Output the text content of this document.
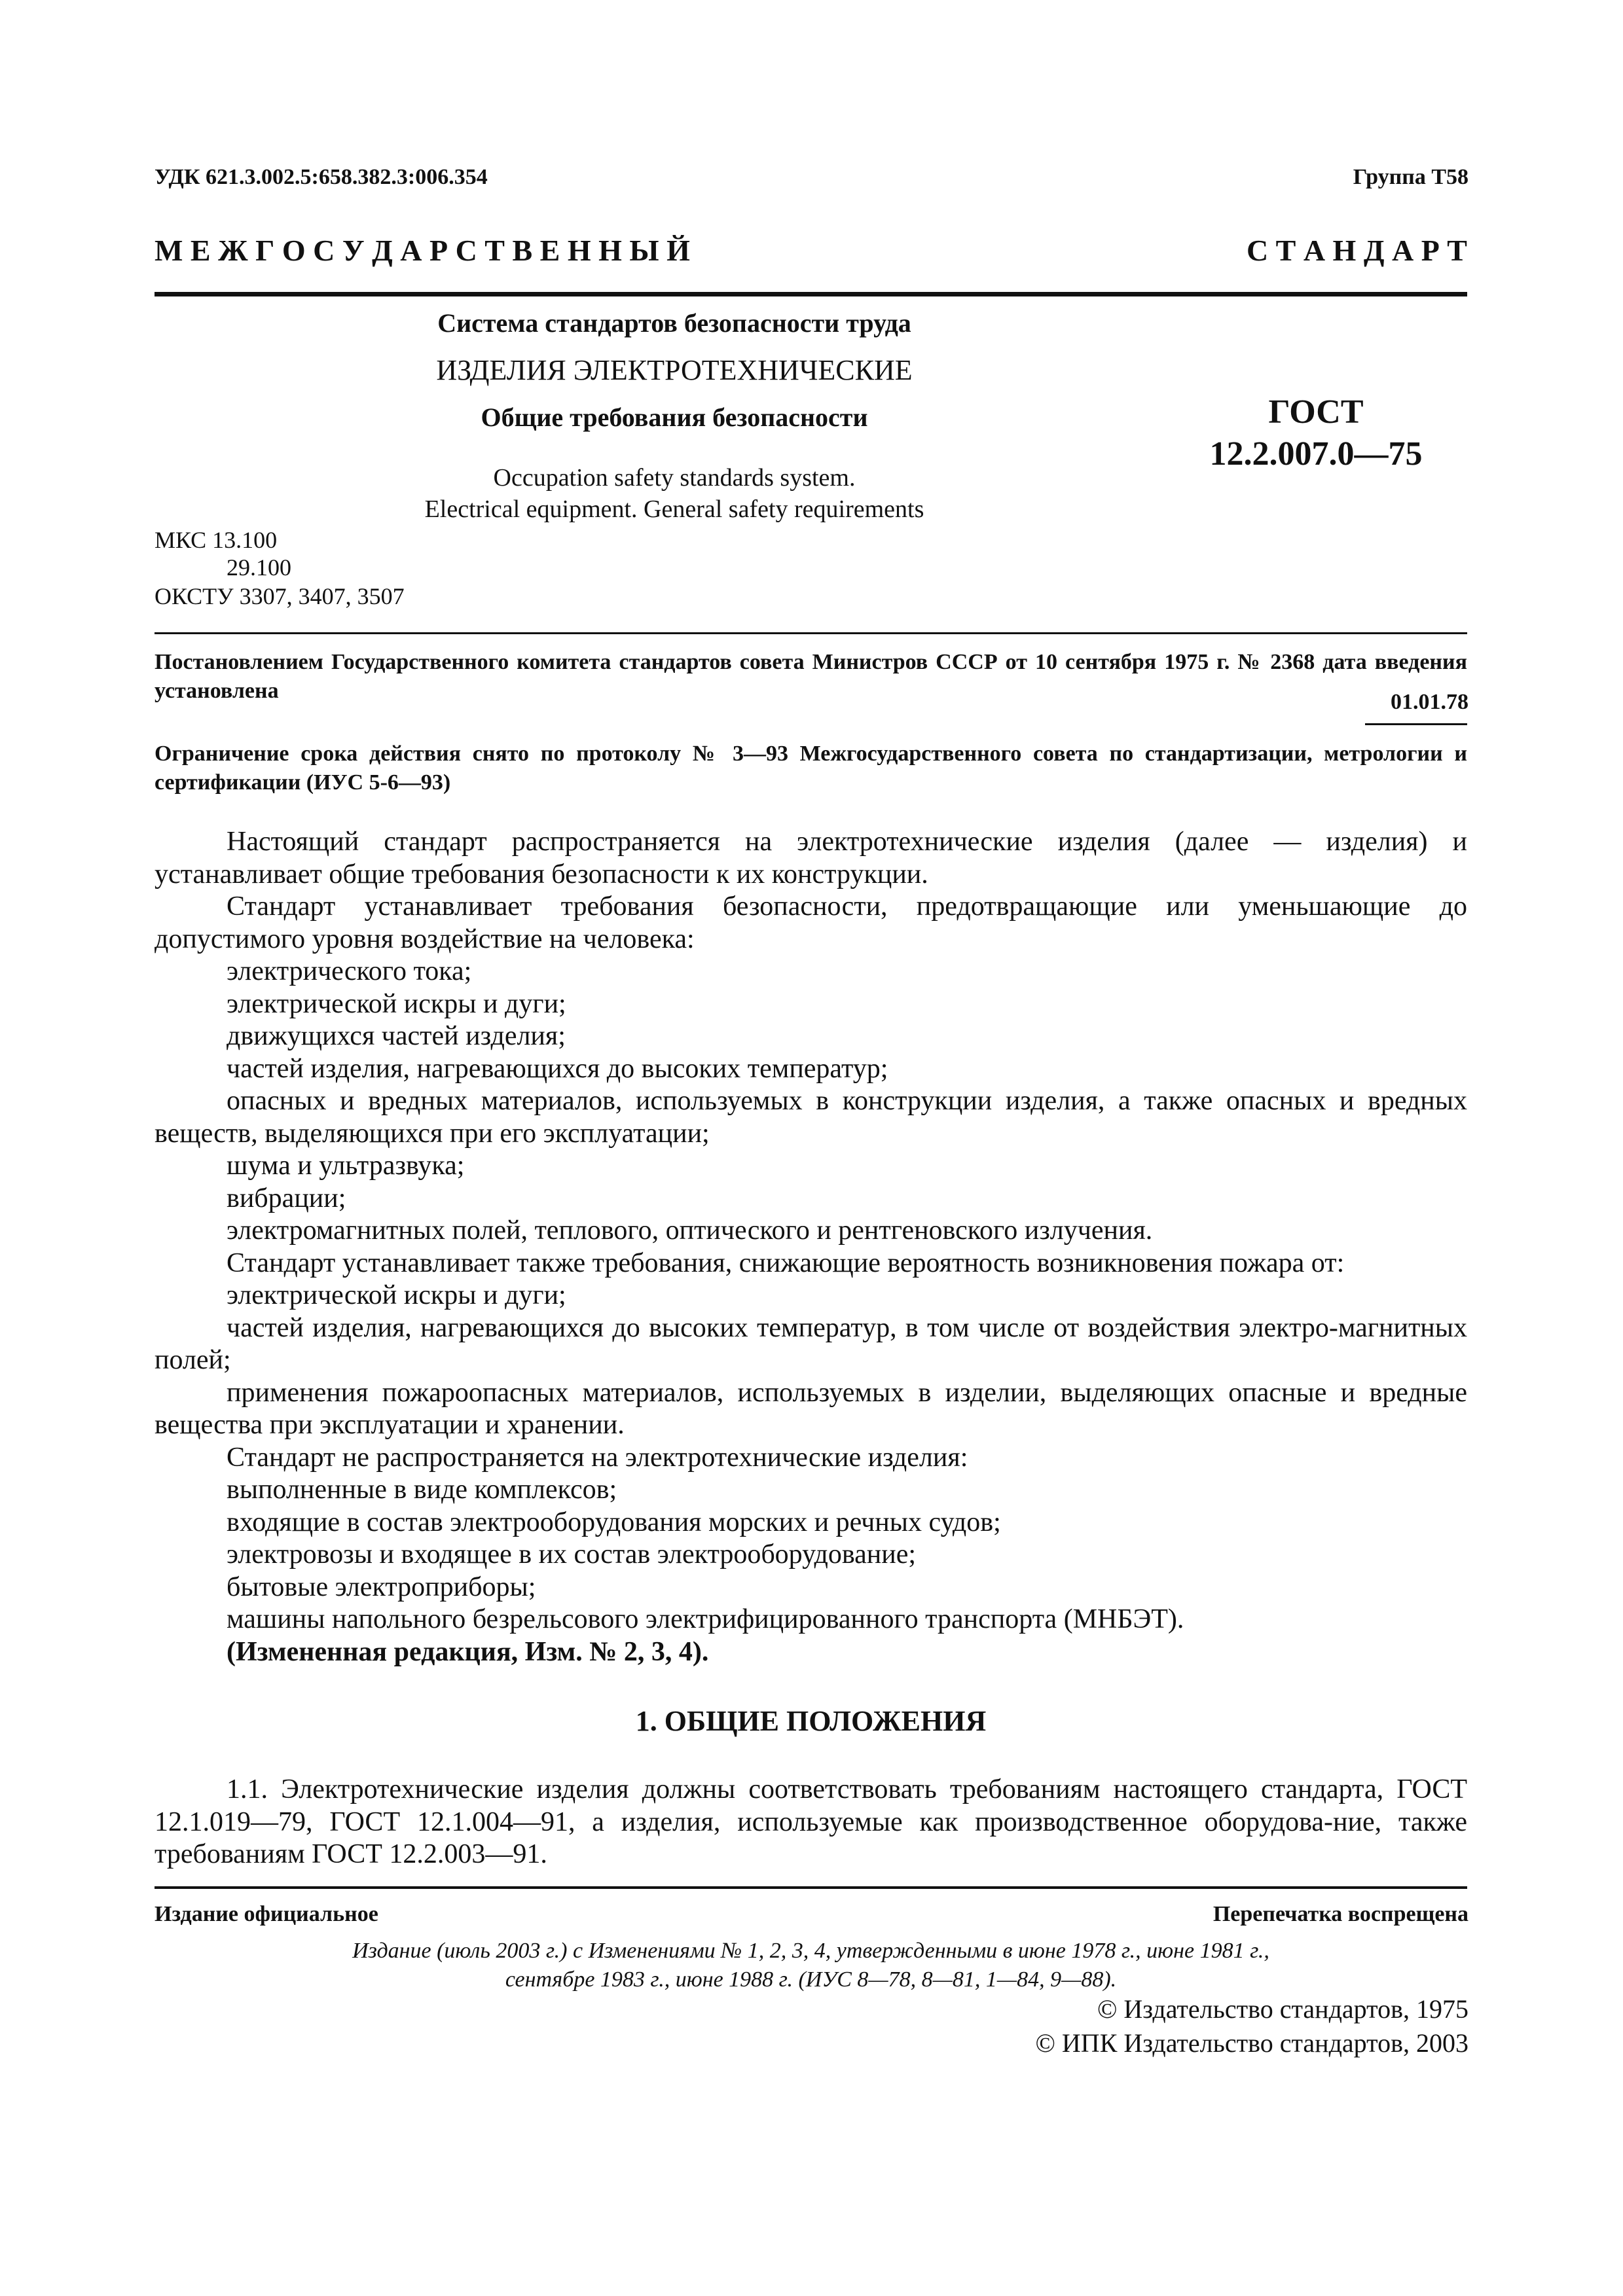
УДК 621.3.002.5:658.382.3:006.354	Группа Т58
М Е Ж Г О С У Д А Р С Т В Е Н Н Ы Й	С Т А Н Д А Р Т
Система стандартов безопасности труда
ИЗДЕЛИЯ ЭЛЕКТРОТЕХНИЧЕСКИЕ
Общие требования безопасности
Occupation safety standards system.
Electrical equipment. General safety requirements
ГОСТ
12.2.007.0—75
МКС 13.100
29.100
ОКСТУ 3307, 3407, 3507
Постановлением Государственного комитета стандартов совета Министров СССР от 10 сентября 1975 г. № 2368 дата введения установлена	01.01.78
Ограничение срока действия снято по протоколу № 3—93 Межгосударственного совета по стандартизации, метрологии и сертификации (ИУС 5-6—93)

Настоящий стандарт распространяется на электротехнические изделия (далее — изделия) и устанавливает общие требования безопасности к их конструкции.

Стандарт устанавливает требования безопасности, предотвращающие или уменьшающие до допустимого уровня воздействие на человека:

электрического тока;

электрической искры и дуги;

движущихся частей изделия;

частей изделия, нагревающихся до высоких температур;

опасных и вредных материалов, используемых в конструкции изделия, а также опасных и вредных веществ, выделяющихся при его эксплуатации;

шума и ультразвука;

вибрации;

электромагнитных полей, теплового, оптического и рентгеновского излучения.

Стандарт устанавливает также требования, снижающие вероятность возникновения пожара от:

электрической искры и дуги;

частей изделия, нагревающихся до высоких температур, в том числе от воздействия электро-магнитных полей;

применения пожароопасных материалов, используемых в изделии, выделяющих опасные и вредные вещества при эксплуатации и хранении.

Стандарт не распространяется на электротехнические изделия:

выполненные в виде комплексов;

входящие в состав электрооборудования морских и речных судов;

электровозы и входящее в их состав электрооборудование;

бытовые электроприборы;

машины напольного безрельсового электрифицированного транспорта (МНБЭТ).

(Измененная редакция, Изм. № 2, 3, 4).

1. ОБЩИЕ ПОЛОЖЕНИЯ

1.1. Электротехнические изделия должны соответствовать требованиям настоящего стандарта, ГОСТ 12.1.019—79, ГОСТ 12.1.004—91, а изделия, используемые как производственное оборудова-ние, также требованиям ГОСТ 12.2.003—91.

Издание официальное	Перепечатка воспрещена
Издание (июль 2003 г.) с Изменениями № 1, 2, 3, 4, утвержденными в июне 1978 г., июне 1981 г.,
сентябре 1983 г., июне 1988 г. (ИУС 8—78, 8—81, 1—84, 9—88).
© Издательство стандартов, 1975
© ИПК Издательство стандартов, 2003
